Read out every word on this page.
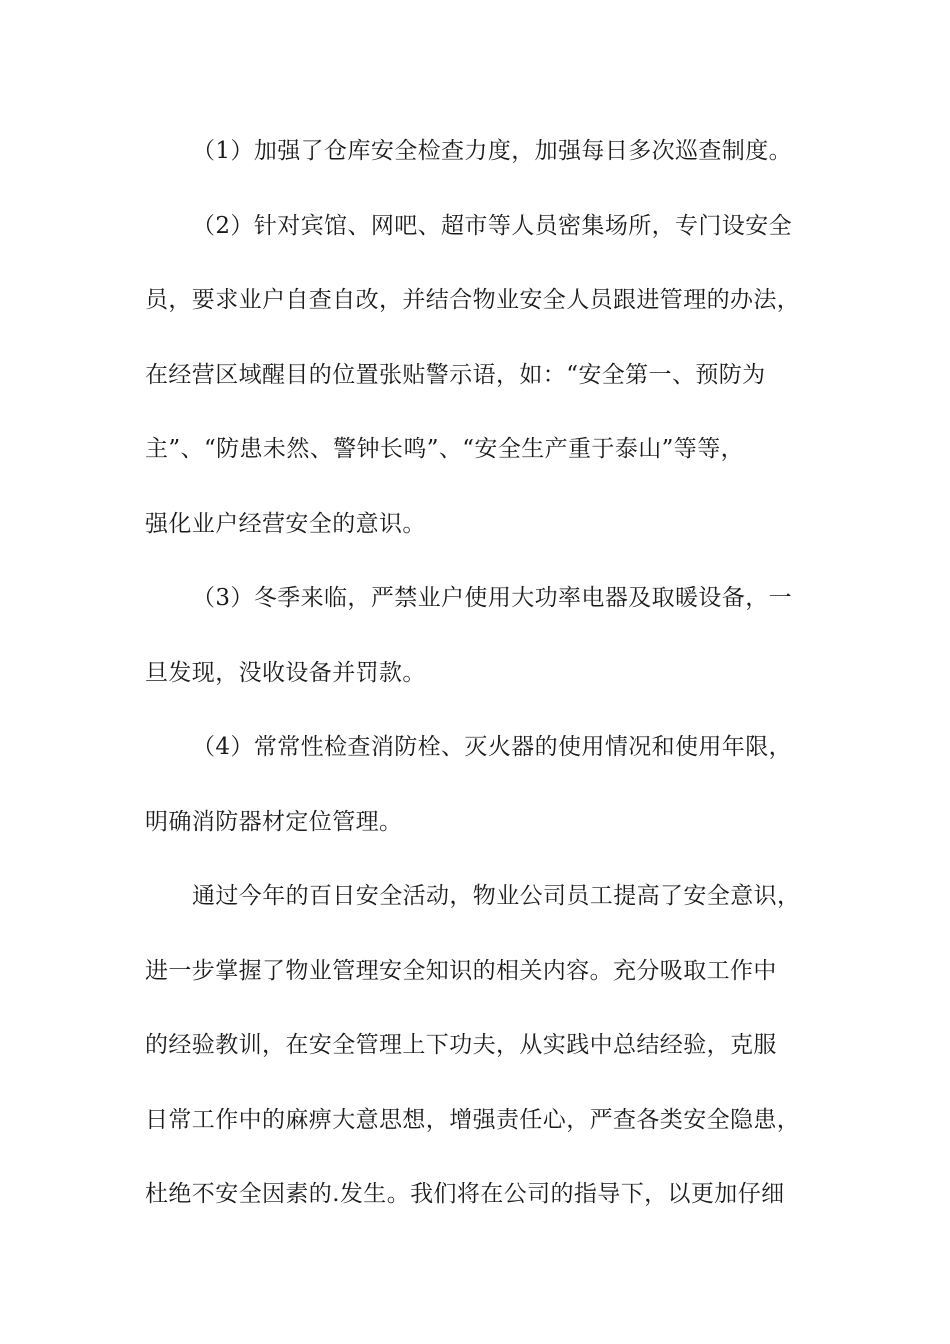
（1）加强了仓库安全检查力度，加强每日多次巡查制度。
（2）针对宾馆、网吧、超市等人员密集场所，专门设安全
员，要求业户自查自改，并结合物业安全人员跟进管理的办法，
在经营区域醒目的位置张贴警示语，如：“安全第一、预防为
主”、“防患未然、警钟长鸣”、“安全生产重于泰山”等等，
强化业户经营安全的意识。
（3）冬季来临，严禁业户使用大功率电器及取暖设备，一
旦发现，没收设备并罚款。
（4）常常性检查消防栓、灭火器的使用情况和使用年限，
明确消防器材定位管理。
通过今年的百日安全活动，物业公司员工提高了安全意识，
进一步掌握了物业管理安全知识的相关内容。充分吸取工作中
的经验教训，在安全管理上下功夫，从实践中总结经验，克服
日常工作中的麻痹大意思想，增强责任心，严查各类安全隐患，
杜绝不安全因素的.发生。我们将在公司的指导下，以更加仔细
